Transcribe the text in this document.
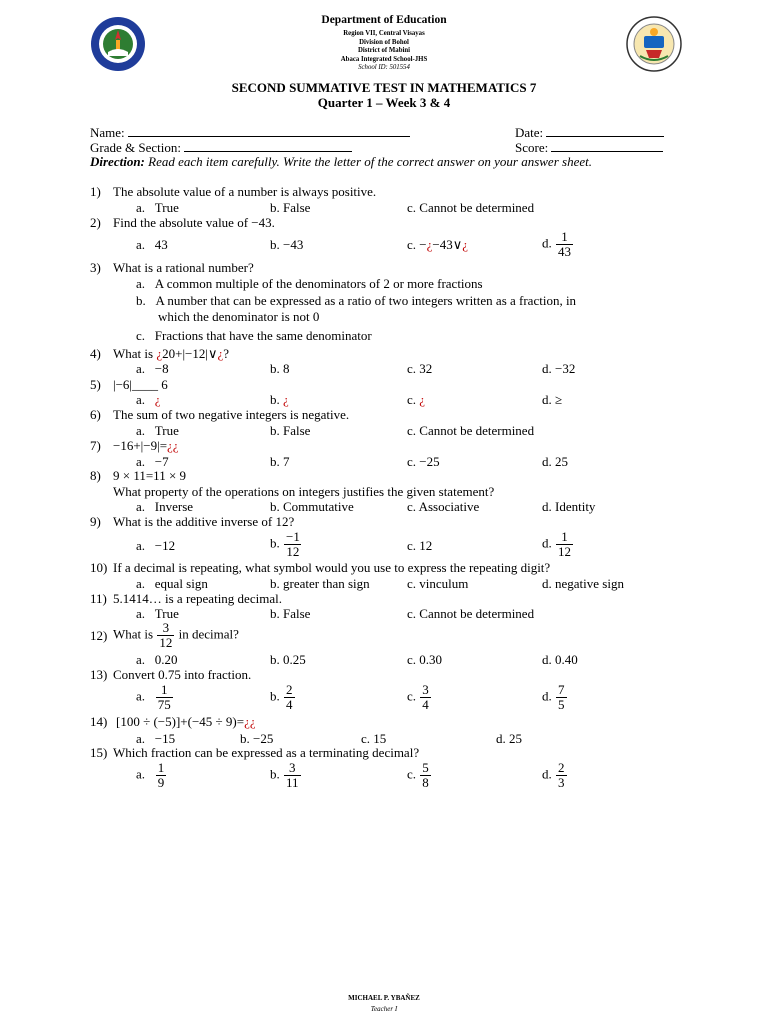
Department of Education
Region VII, Central Visayas
Division of Bohol
District of Mabini
Abaca Integrated School-JHS
School ID: 501554
SECOND SUMMATIVE TEST IN MATHEMATICS 7
Quarter 1 – Week 3 & 4
Name:	Date:
Grade & Section:	Score:
Direction: Read each item carefully. Write the letter of the correct answer on your answer sheet.
1) The absolute value of a number is always positive.
a. True	b. False	c. Cannot be determined
2) Find the absolute value of −43.
a. 43	b. −43	c. −¿−43∨¿	d. $\frac{1}{43}$
3) What is a rational number?
a. A common multiple of the denominators of 2 or more fractions
b. A number that can be expressed as a ratio of two integers written as a fraction, in
which the denominator is not 0
c. Fractions that have the same denominator
4) What is ¿20+|−12|∨¿?
a. −8	b. 8	c. 32	d. −32
5) |−6|____ 6
a. ¿	b. ¿	c. ¿	d. ≥
6) The sum of two negative integers is negative.
a. True	b. False	c. Cannot be determined
7) −16+|−9|=¿¿
a. −7	b. 7	c. −25	d. 25
8) 9 × 11=11 × 9
What property of the operations on integers justifies the given statement?
a. Inverse	b. Commutative	c. Associative	d. Identity
9) What is the additive inverse of 12?
a. −12	b. $\frac{-1}{12}$	c. 12	d. $\frac{1}{12}$
10) If a decimal is repeating, what symbol would you use to express the repeating digit?
a. equal sign	b. greater than sign	c. vinculum	d. negative sign
11) 5.1414… is a repeating decimal.
a. True	b. False	c. Cannot be determined
12) What is $\frac{3}{12}$ in decimal?
a. 0.20	b. 0.25	c. 0.30	d. 0.40
13) Convert 0.75 into fraction.
a. $\frac{1}{75}$	b. $\frac{2}{4}$	c. $\frac{3}{4}$	d. $\frac{7}{5}$
14) [100 ÷ (−5)]+(−45 ÷ 9)=¿¿
a. −15	b. −25	c. 15	d. 25
15) Which fraction can be expressed as a terminating decimal?
a. $\frac{1}{9}$	b. $\frac{3}{11}$	c. $\frac{5}{8}$	d. $\frac{2}{3}$
MICHAEL P. YBAÑEZ
Teacher I
